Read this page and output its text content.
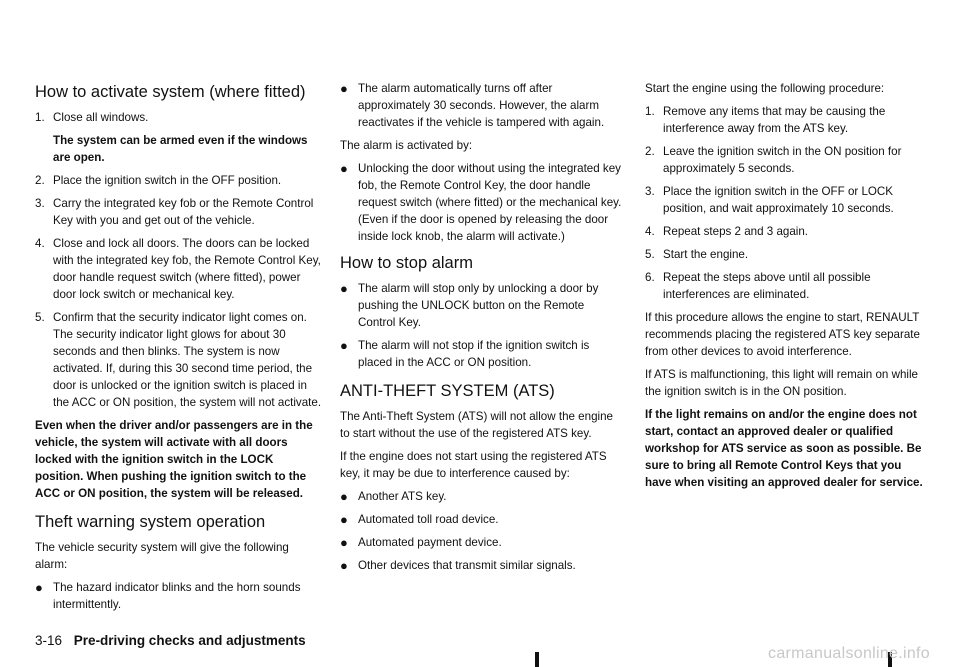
How to activate system (where fitted)
1. Close all windows.

The system can be armed even if the windows are open.

2. Place the ignition switch in the OFF position.
3. Carry the integrated key fob or the Remote Control Key with you and get out of the vehicle.
4. Close and lock all doors. The doors can be locked with the integrated key fob, the Remote Control Key, door handle request switch (where fitted), power door lock switch or mechanical key.
5. Confirm that the security indicator light comes on. The security indicator light glows for about 30 seconds and then blinks. The system is now activated. If, during this 30 second time period, the door is unlocked or the ignition switch is placed in the ACC or ON position, the system will not activate.

Even when the driver and/or passengers are in the vehicle, the system will activate with all doors locked with the ignition switch in the LOCK position. When pushing the ignition switch to the ACC or ON position, the system will be released.

Theft warning system operation

The vehicle security system will give the following alarm:

● The hazard indicator blinks and the horn sounds intermittently.
● The alarm automatically turns off after approximately 30 seconds. However, the alarm reactivates if the vehicle is tampered with again.

The alarm is activated by:

● Unlocking the door without using the integrated key fob, the Remote Control Key, the door handle request switch (where fitted) or the mechanical key. (Even if the door is opened by releasing the door inside lock knob, the alarm will activate.)
How to stop alarm
● The alarm will stop only by unlocking a door by pushing the UNLOCK button on the Remote Control Key.
● The alarm will not stop if the ignition switch is placed in the ACC or ON position.
ANTI-THEFT SYSTEM (ATS)

The Anti-Theft System (ATS) will not allow the engine to start without the use of the registered ATS key.

If the engine does not start using the registered ATS key, it may be due to interference caused by:

● Another ATS key.
● Automated toll road device.
● Automated payment device.
● Other devices that transmit similar signals.

Start the engine using the following procedure:

1. Remove any items that may be causing the interference away from the ATS key.
2. Leave the ignition switch in the ON position for approximately 5 seconds.
3. Place the ignition switch in the OFF or LOCK position, and wait approximately 10 seconds.
4. Repeat steps 2 and 3 again.
5. Start the engine.
6. Repeat the steps above until all possible interferences are eliminated.

If this procedure allows the engine to start, RENAULT recommends placing the registered ATS key separate from other devices to avoid interference.

If ATS is malfunctioning, this light will remain on while the ignition switch is in the ON position.

If the light remains on and/or the engine does not start, contact an approved dealer or qualified workshop for ATS service as soon as possible. Be sure to bring all Remote Control Keys that you have when visiting an approved dealer for service.

3-16 Pre-driving checks and adjustments
carmanualsonline.info
